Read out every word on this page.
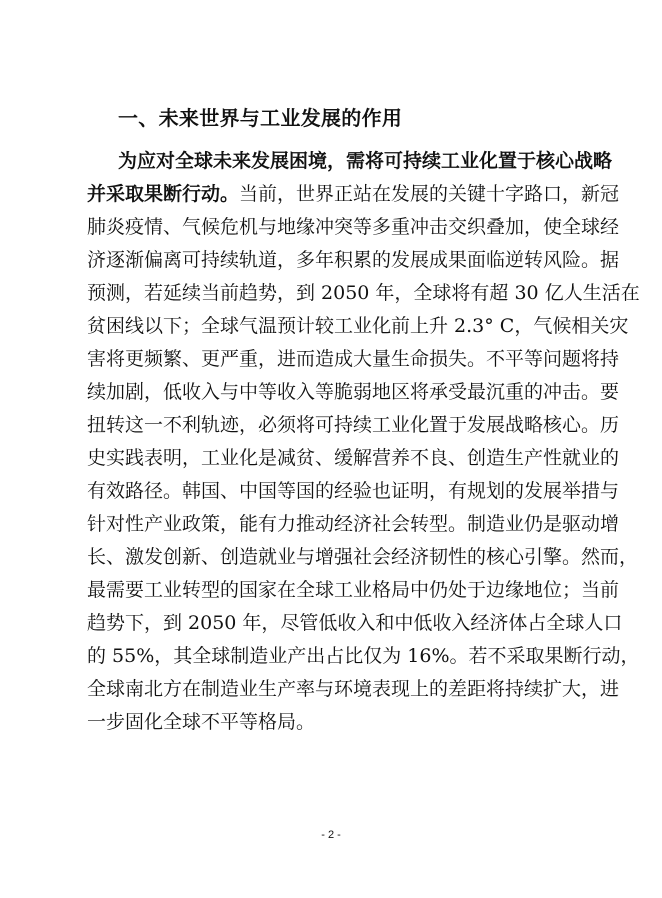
一、未来世界与工业发展的作用
为应对全球未来发展困境，需将可持续工业化置于核心战略
并采取果断行动。当前，世界正站在发展的关键十字路口，新冠
肺炎疫情、气候危机与地缘冲突等多重冲击交织叠加，使全球经
济逐渐偏离可持续轨道，多年积累的发展成果面临逆转风险。据
预测，若延续当前趋势，到 2050 年，全球将有超 30 亿人生活在
贫困线以下；全球气温预计较工业化前上升 2.3° C，气候相关灾
害将更频繁、更严重，进而造成大量生命损失。不平等问题将持
续加剧，低收入与中等收入等脆弱地区将承受最沉重的冲击。要
扭转这一不利轨迹，必须将可持续工业化置于发展战略核心。历
史实践表明，工业化是减贫、缓解营养不良、创造生产性就业的
有效路径。韩国、中国等国的经验也证明，有规划的发展举措与
针对性产业政策，能有力推动经济社会转型。制造业仍是驱动增
长、激发创新、创造就业与增强社会经济韧性的核心引擎。然而，
最需要工业转型的国家在全球工业格局中仍处于边缘地位；当前
趋势下，到 2050 年，尽管低收入和中低收入经济体占全球人口
的 55%，其全球制造业产出占比仅为 16%。若不采取果断行动，
全球南北方在制造业生产率与环境表现上的差距将持续扩大，进
一步固化全球不平等格局。
- 2 -
